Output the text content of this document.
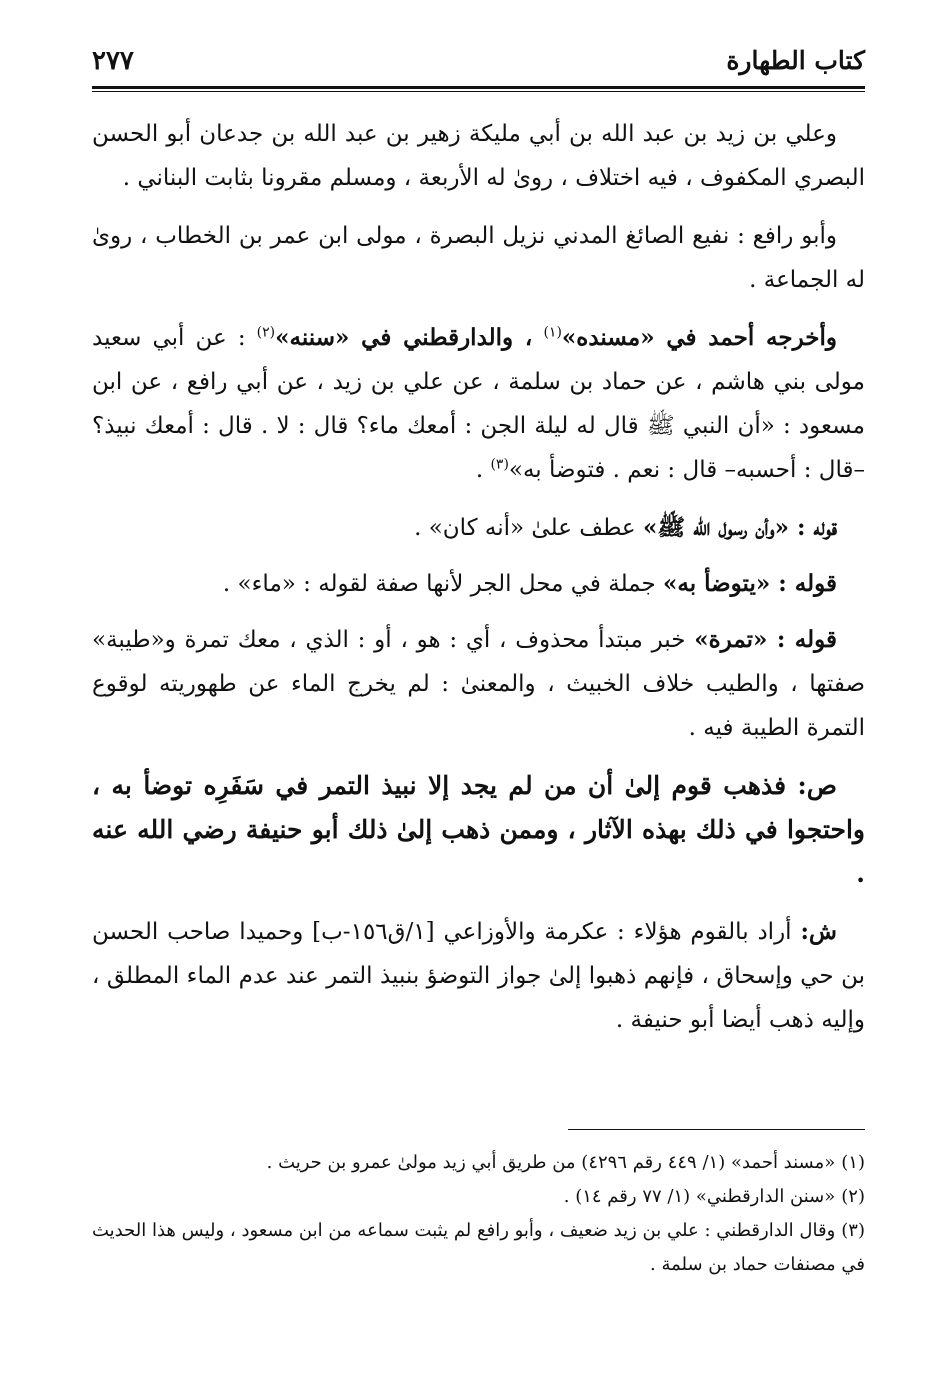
كتاب الطهارة
٢٧٧

وعلي بن زيد بن عبد الله بن أبي مليكة زهير بن عبد الله بن جدعان أبو الحسن البصري المكفوف ، فيه اختلاف ، روىٰ له الأربعة ، ومسلم مقرونا بثابت البناني .

وأبو رافع : نفيع الصائغ المدني نزيل البصرة ، مولى ابن عمر بن الخطاب ، روىٰ له الجماعة .

وأخرجه أحمد في «مسنده»$^{(١)}$ ، والدارقطني في «سننه»$^{(٢)}$ : عن أبي سعيد مولى بني هاشم ، عن حماد بن سلمة ، عن علي بن زيد ، عن أبي رافع ، عن ابن مسعود : «أن النبي ﷺ قال له ليلة الجن : أمعك ماء؟ قال : لا . قال : أمعك نبيذ؟ –قال : أحسبه– قال : نعم . فتوضأ به»$^{(٣)}$ .

قوله : «وأن رسول الله ﷺ» عطف علىٰ «أنه كان» .

قوله : «يتوضأ به» جملة في محل الجر لأنها صفة لقوله : «ماء» .

قوله : «تمرة» خبر مبتدأ محذوف ، أي : هو ، أو : الذي ، معك تمرة و«طيبة» صفتها ، والطيب خلاف الخبيث ، والمعنىٰ : لم يخرج الماء عن طهوريته لوقوع التمرة الطيبة فيه .

ص: فذهب قوم إلىٰ أن من لم يجد إلا نبيذ التمر في سَفَرِه توضأ به ، واحتجوا في ذلك بهذه الآثار ، وممن ذهب إلىٰ ذلك أبو حنيفة رضي الله عنه .

ش: أراد بالقوم هؤلاء : عكرمة والأوزاعي [١/ق١٥٦-ب] وحميدا صاحب الحسن بن حي وإسحاق ، فإنهم ذهبوا إلىٰ جواز التوضؤ بنبيذ التمر عند عدم الماء المطلق ، وإليه ذهب أيضا أبو حنيفة .

(١)«مسند أحمد» (١/ ٤٤٩ رقم ٤٢٩٦) من طريق أبي زيد مولىٰ عمرو بن حريث .

(٢)«سنن الدارقطني» (١/ ٧٧ رقم ١٤) .

(٣)وقال الدارقطني : علي بن زيد ضعيف ، وأبو رافع لم يثبت سماعه من ابن مسعود ، وليس هذا الحديث في مصنفات حماد بن سلمة .
